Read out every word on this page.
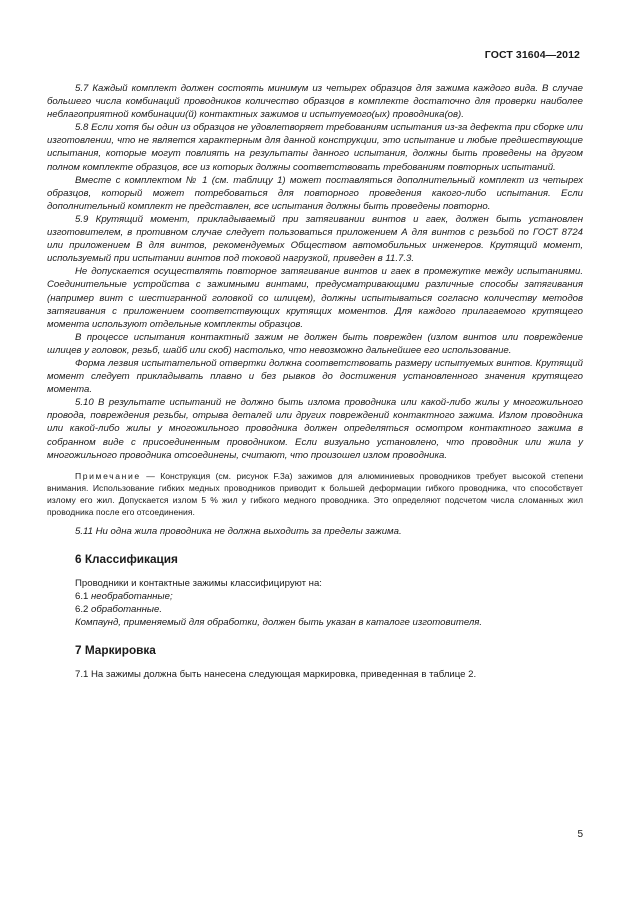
ГОСТ 31604—2012

5.7 Каждый комплект должен состоять минимум из четырех образцов для зажима каждого вида. В случае большего числа комбинаций проводников количество образцов в комплекте достаточно для проверки наиболее неблагоприятной комбинации(й) контактных зажимов и испытуемого(ых) проводника(ов).

5.8 Если хотя бы один из образцов не удовлетворяет требованиям испытания из-за дефекта при сборке или изготовлении, что не является характерным для данной конструкции, это испытание и любые предшествующие испытания, которые могут повлиять на результаты данного испытания, должны быть проведены на другом полном комплекте образцов, все из которых должны соответствовать требованиям повторных испытаний.

Вместе с комплектом № 1 (см. таблицу 1) может поставляться дополнительный комплект из четырех образцов, который может потребоваться для повторного проведения какого-либо испытания. Если дополнительный комплект не представлен, все испытания должны быть проведены повторно.

5.9 Крутящий момент, прикладываемый при затягивании винтов и гаек, должен быть установлен изготовителем, в противном случае следует пользоваться приложением А для винтов с резьбой по ГОСТ 8724 или приложением В для винтов, рекомендуемых Обществом автомобильных инженеров. Крутящий момент, используемый при испытании винтов под токовой нагрузкой, приведен в 11.7.3.

Не допускается осуществлять повторное затягивание винтов и гаек в промежутке между испытаниями. Соединительные устройства с зажимными винтами, предусматривающими различные способы затягивания (например винт с шестигранной головкой со шлицем), должны испытываться согласно количеству методов затягивания с приложением соответствующих крутящих моментов. Для каждого прилагаемого крутящего момента используют отдельные комплекты образцов.

В процессе испытания контактный зажим не должен быть поврежден (излом винтов или повреждение шлицев у головок, резьб, шайб или скоб) настолько, что невозможно дальнейшее его использование.

Форма лезвия испытательной отвертки должна соответствовать размеру испытуемых винтов. Крутящий момент следует прикладывать плавно и без рывков до достижения установленного значения крутящего момента.

5.10 В результате испытаний не должно быть излома проводника или какой-либо жилы у многожильного провода, повреждения резьбы, отрыва деталей или других повреждений контактного зажима. Излом проводника или какой-либо жилы у многожильного проводника должен определяться осмотром контактного зажима в собранном виде с присоединенным проводником. Если визуально установлено, что проводник или жила у многожильного проводника отсоединены, считают, что произошел излом проводника.

Примечание — Конструкция (см. рисунок F.3a) зажимов для алюминиевых проводников требует высокой степени внимания. Использование гибких медных проводников приводит к большей деформации гибкого проводника, что способствует излому его жил. Допускается излом 5 % жил у гибкого медного проводника. Это определяют подсчетом числа сломанных жил проводника после его отсоединения.

5.11 Ни одна жила проводника не должна выходить за пределы зажима.

6 Классификация

Проводники и контактные зажимы классифицируют на:

6.1 необработанные;

6.2 обработанные.

Компаунд, применяемый для обработки, должен быть указан в каталоге изготовителя.

7 Маркировка

7.1 На зажимы должна быть нанесена следующая маркировка, приведенная в таблице 2.

5
